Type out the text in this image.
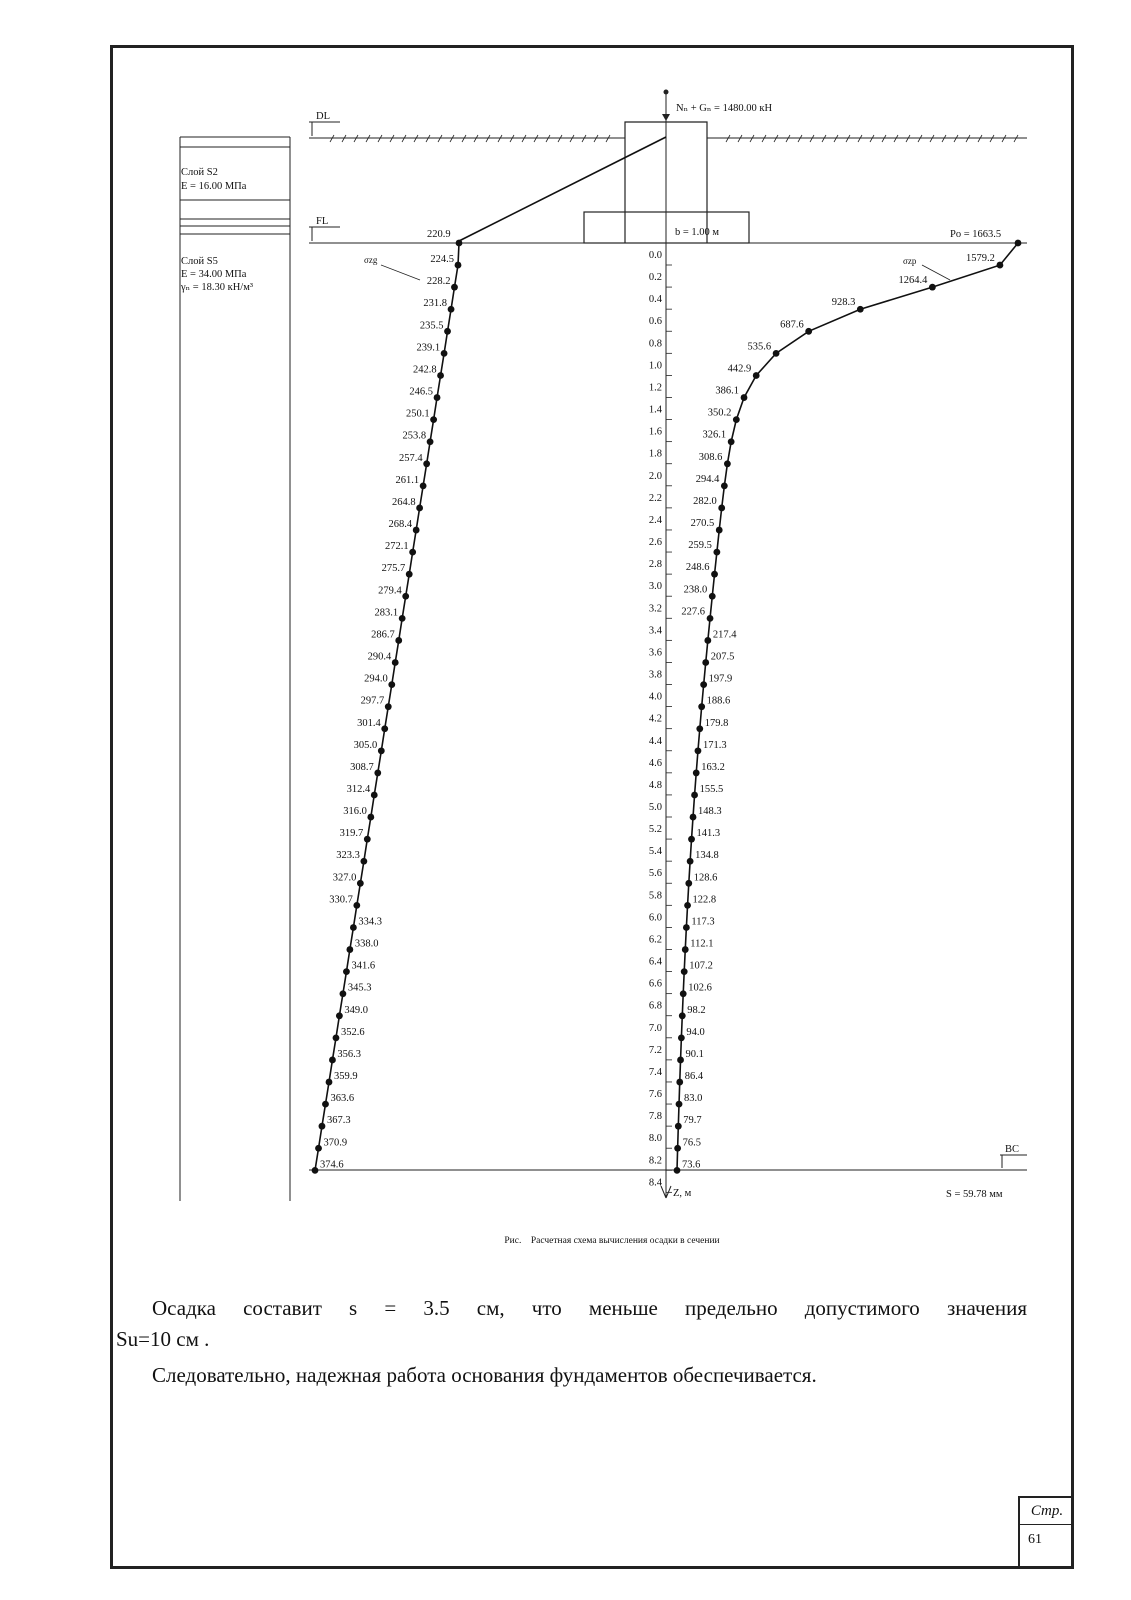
Слой S2
E = 16.00 МПа
Слой S5
E = 34.00 МПа
γₙ = 18.30 кН/м³
DL
Nₙ + Gₙ = 1480.00 кН
FL
b = 1.00 м	Po = 1663.5
BC
Z, м
0.0
0.2
0.4
0.6
0.8
1.0
1.2
1.4
1.6
1.8
2.0
2.2
2.4
2.6
2.8
3.0
3.2
3.4
3.6
3.8
4.0
4.2
4.4
4.6
4.8
5.0
5.2
5.4
5.6
5.8
6.0
6.2
6.4
6.6
6.8
7.0
7.2
7.4
7.6
7.8
8.0
8.2
8.4
220.9
224.5
228.2
231.8
235.5
239.1
242.8
246.5
250.1
253.8
257.4
261.1
264.8
268.4
272.1
275.7
279.4
283.1
286.7
290.4
294.0
297.7
301.4
305.0
308.7
312.4
316.0
319.7
323.3
327.0
330.7
334.3
338.0
341.6
345.3
349.0
352.6
356.3
359.9
363.6
367.3
370.9
374.6
σzg	1579.2
1264.4
928.3
687.6
535.6
442.9
386.1
350.2
326.1
308.6
294.4
282.0
270.5
259.5
248.6
238.0
227.6
217.4
207.5
197.9
188.6
179.8
171.3
163.2
155.5
148.3
141.3
134.8
128.6
122.8
117.3
112.1
107.2
102.6
98.2
94.0
90.1
86.4
83.0
79.7
76.5
73.6
σzp
S = 59.78 мм
Рис.    Расчетная схема вычисления осадки в сечении

Осадка составит s = 3.5 см, что меньше предельно допустимого значения

Su=10 см .

Следовательно, надежная работа основания фундаментов обеспечивается.

Стр.
61
